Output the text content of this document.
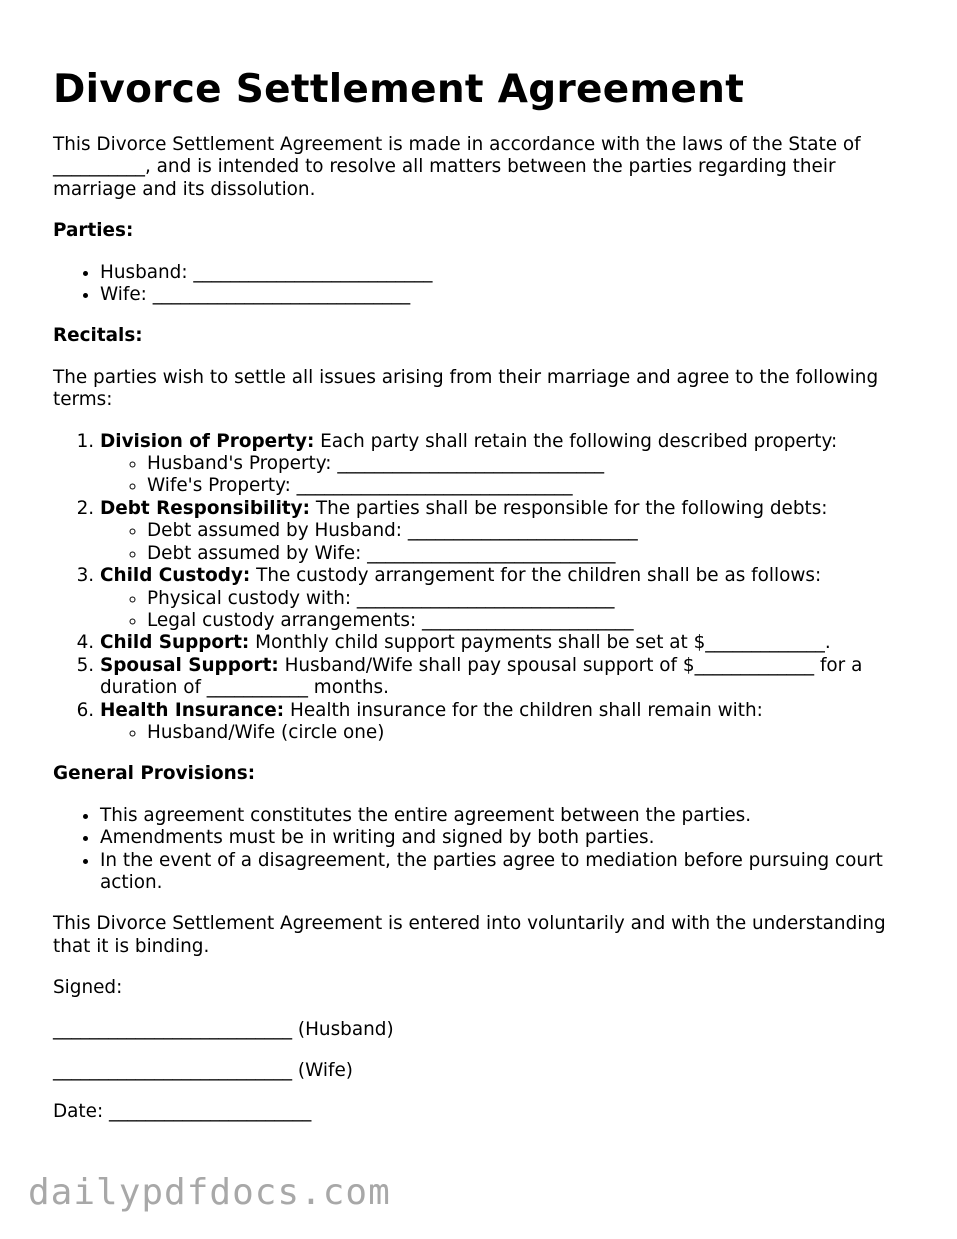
Divorce Settlement Agreement

This Divorce Settlement Agreement is made in accordance with the laws of the State of __________, and is intended to resolve all matters between the parties regarding their marriage and its dissolution.

Parties:

• Husband: __________________________
• Wife: ____________________________

Recitals:

The parties wish to settle all issues arising from their marriage and agree to the following terms:

1. Division of Property: Each party shall retain the following described property:
◦ Husband's Property: _____________________________
◦ Wife's Property: ______________________________
2. Debt Responsibility: The parties shall be responsible for the following debts:
◦ Debt assumed by Husband: _________________________
◦ Debt assumed by Wife: ___________________________
3. Child Custody: The custody arrangement for the children shall be as follows:
◦ Physical custody with: ____________________________
◦ Legal custody arrangements: _______________________
4. Child Support: Monthly child support payments shall be set at $_____________.
5. Spousal Support: Husband/Wife shall pay spousal support of $_____________ for a duration of ___________ months.
6. Health Insurance: Health insurance for the children shall remain with:
◦ Husband/Wife (circle one)

General Provisions:

• This agreement constitutes the entire agreement between the parties.
• Amendments must be in writing and signed by both parties.
• In the event of a disagreement, the parties agree to mediation before pursuing court action.

This Divorce Settlement Agreement is entered into voluntarily and with the understanding that it is binding.

Signed:

__________________________ (Husband)

__________________________ (Wife)

Date: ______________________

dailypdfdocs.com
